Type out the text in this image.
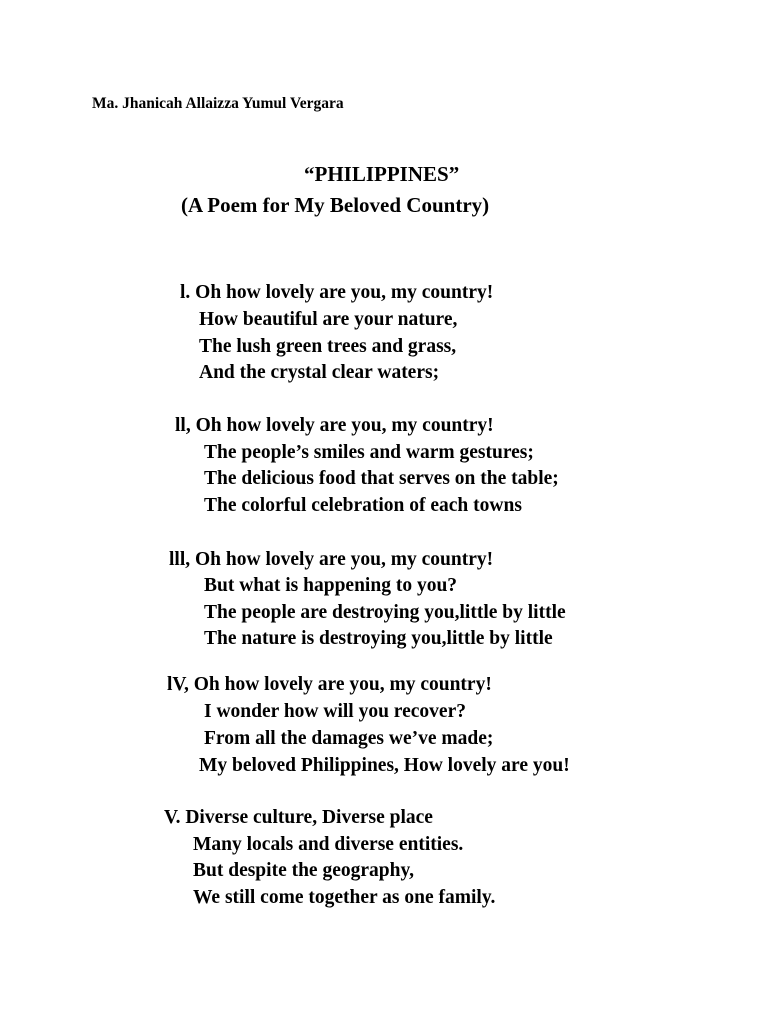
Ma. Jhanicah Allaizza Yumul Vergara
“PHILIPPINES”
(A Poem for My Beloved Country)
l. Oh how lovely are you, my country!
How beautiful are your nature,
The lush green trees and grass,
And the crystal clear waters;
ll, Oh how lovely are you, my country!
The people’s smiles and warm gestures;
The delicious food that serves on the table;
The colorful celebration of each towns
lll, Oh how lovely are you, my country!
But what is happening to you?
The people are destroying you,little by little
The nature is destroying you,little by little
lV, Oh how lovely are you, my country!
I wonder how will you recover?
From all the damages we’ve made;
My beloved Philippines, How lovely are you!
V. Diverse culture, Diverse place
Many locals and diverse entities.
But despite the geography,
We still come together as one family.
